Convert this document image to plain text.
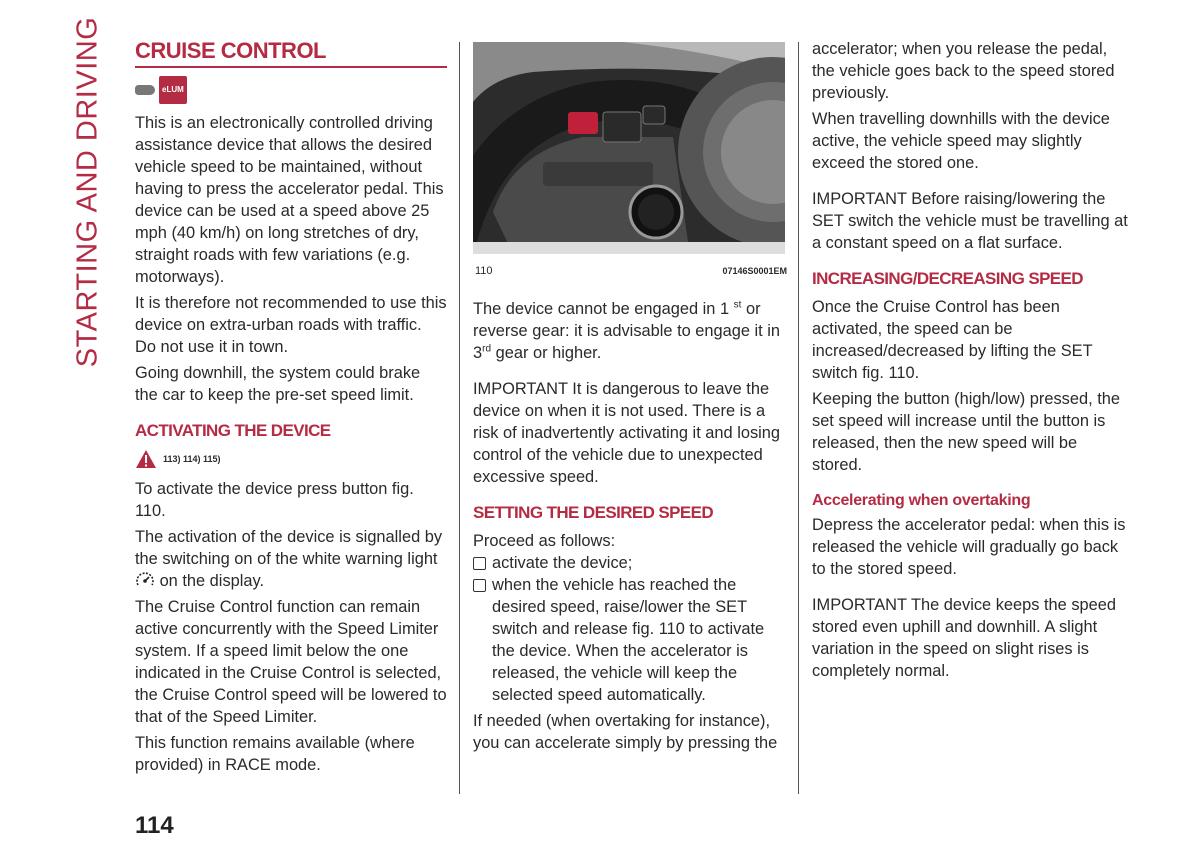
STARTING AND DRIVING CRUISE CONTROL
eLUM

This is an electronically controlled driving assistance device that allows the desired vehicle speed to be maintained, without having to press the accelerator pedal. This device can be used at a speed above 25 mph (40 km/h) on long stretches of dry, straight roads with few variations (e.g. motorways).

It is therefore not recommended to use this device on extra-urban roads with traffic. Do not use it in town.

Going downhill, the system could brake the car to keep the pre-set speed limit.

ACTIVATING THE DEVICE
113) 114) 115)

To activate the device press button fig. 110.

The activation of the device is signalled by the switching on of the white warning light  on the display.

The Cruise Control function can remain active concurrently with the Speed Limiter system. If a speed limit below the one indicated in the Cruise Control is selected, the Cruise Control speed will be lowered to that of the Speed Limiter.

This function remains available (where provided) in RACE mode.

110	07146S0001EM

The device cannot be engaged in 1 $^{st}$ or reverse gear: it is advisable to engage it in 3rd gear or higher.

IMPORTANT It is dangerous to leave the device on when it is not used. There is a risk of inadvertently activating it and losing control of the vehicle due to unexpected excessive speed.

SETTING THE DESIRED SPEED

Proceed as follows:

activate the device;
when the vehicle has reached the desired speed, raise/lower the SET switch and release fig. 110 to activate the device. When the accelerator is released, the vehicle will keep the selected speed automatically.

If needed (when overtaking for instance), you can accelerate simply by pressing the

accelerator; when you release the pedal, the vehicle goes back to the speed stored previously.

When travelling downhills with the device active, the vehicle speed may slightly exceed the stored one.

IMPORTANT Before raising/lowering the SET switch the vehicle must be travelling at a constant speed on a flat surface.

INCREASING/DECREASING SPEED

Once the Cruise Control has been activated, the speed can be increased/decreased by lifting the SET switch fig. 110.

Keeping the button (high/low) pressed, the set speed will increase until the button is released, then the new speed will be stored.

Accelerating when overtaking

Depress the accelerator pedal: when this is released the vehicle will gradually go back to the stored speed.

IMPORTANT The device keeps the speed stored even uphill and downhill. A slight variation in the speed on slight rises is completely normal.

114
